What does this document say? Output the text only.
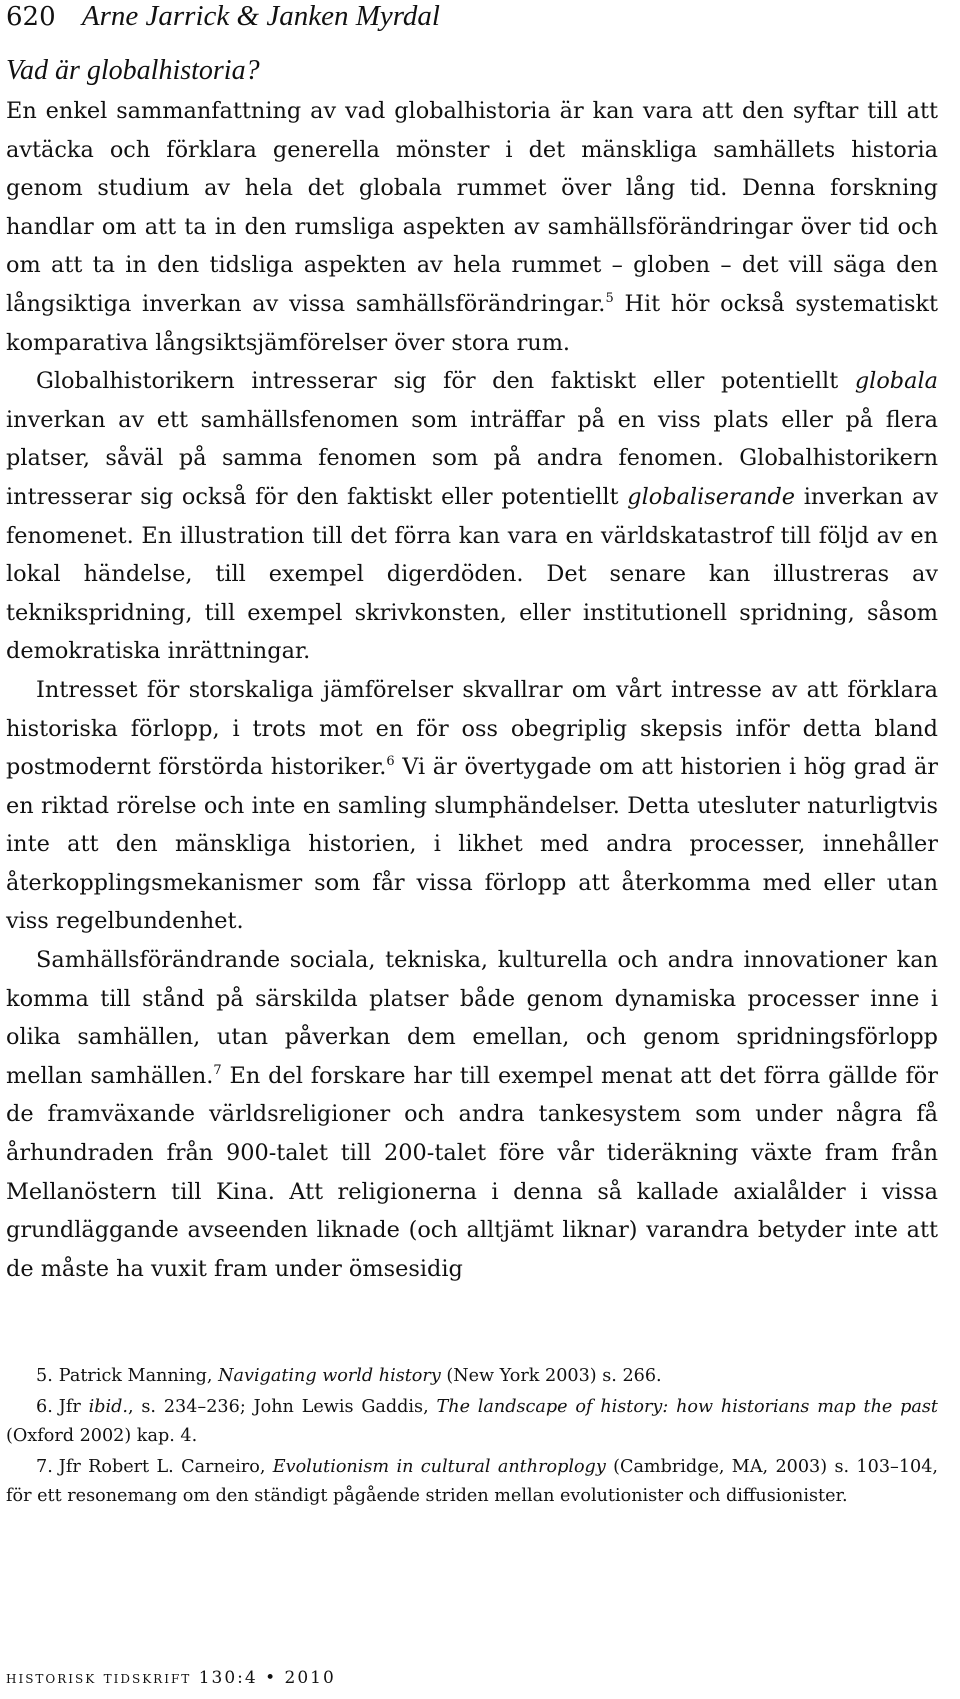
620 Arne Jarrick & Janken Myrdal
Vad är globalhistoria?

En enkel sammanfattning av vad globalhistoria är kan vara att den syftar till att avtäcka och förklara generella mönster i det mänskliga samhällets historia genom studium av hela det globala rummet över lång tid. Denna forskning handlar om att ta in den rumsliga aspekten av samhällsförändringar över tid och om att ta in den tidsliga aspekten av hela rummet – globen – det vill säga den långsiktiga inverkan av vissa samhällsförändringar.$^5$ Hit hör också systematiskt komparativa långsiktsjämförelser över stora rum.

Globalhistorikern intresserar sig för den faktiskt eller potentiellt globala inverkan av ett samhällsfenomen som inträffar på en viss plats eller på flera platser, såväl på samma fenomen som på andra fenomen. Globalhistorikern intresserar sig också för den faktiskt eller potentiellt globaliserande inverkan av fenomenet. En illustration till det förra kan vara en världskatastrof till följd av en lokal händelse, till exempel digerdöden. Det senare kan illustreras av teknikspridning, till exempel skrivkonsten, eller institutionell spridning, såsom demokratiska inrättningar.

Intresset för storskaliga jämförelser skvallrar om vårt intresse av att förklara historiska förlopp, i trots mot en för oss obegriplig skepsis inför detta bland postmodernt förstörda historiker.$^6$ Vi är övertygade om att historien i hög grad är en riktad rörelse och inte en samling slumphändelser. Detta utesluter naturligtvis inte att den mänskliga historien, i likhet med andra processer, innehåller återkopplingsmekanismer som får vissa förlopp att återkomma med eller utan viss regelbundenhet.

Samhällsförändrande sociala, tekniska, kulturella och andra innovationer kan komma till stånd på särskilda platser både genom dynamiska processer inne i olika samhällen, utan påverkan dem emellan, och genom spridningsförlopp mellan samhällen.$^7$ En del forskare har till exempel menat att det förra gällde för de framväxande världsreligioner och andra tankesystem som under några få århundraden från 900-talet till 200-talet före vår tideräkning växte fram från Mellanöstern till Kina. Att religionerna i denna så kallade axialålder i vissa grundläggande avseenden liknade (och alltjämt liknar) varandra betyder inte att de måste ha vuxit fram under ömsesidig

5. Patrick Manning, Navigating world history (New York 2003) s. 266.
6. Jfr ibid., s. 234–236; John Lewis Gaddis, The landscape of history: how historians map the past (Oxford 2002) kap. 4.
7. Jfr Robert L. Carneiro, Evolutionism in cultural anthroplogy (Cambridge, MA, 2003) s. 103–104, för ett resonemang om den ständigt pågående striden mellan evolutionister och diffusionister.
historisk tidskrift 130:4 • 2010
